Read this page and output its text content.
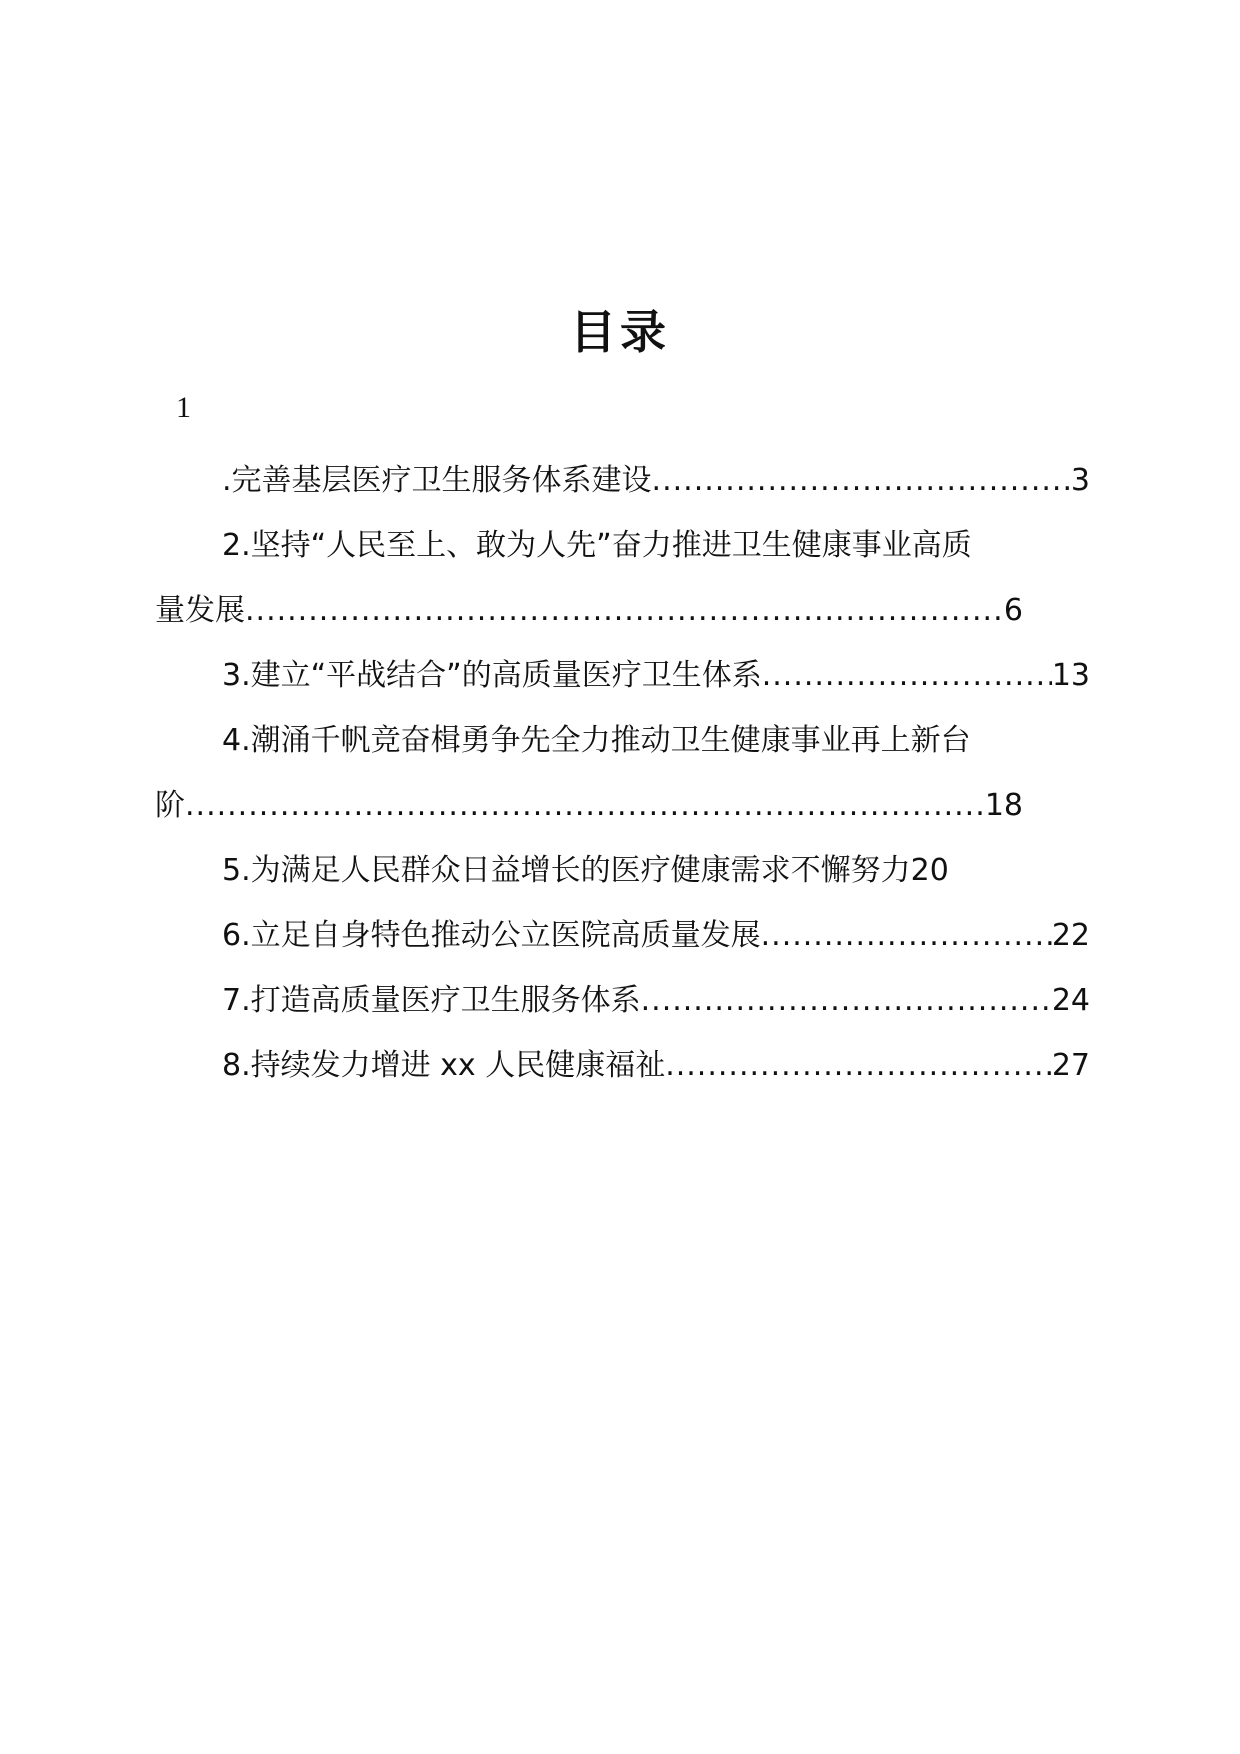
目录
1
.完善基层医疗卫生服务体系建设 .....	3
2.坚持“人民至上、敢为人先”奋力推进卫生健康事业高质
量发展 .....	6
3.建立“平战结合”的高质量医疗卫生体系 .....	13
4.潮涌千帆竞奋楫勇争先全力推动卫生健康事业再上新台
阶 .....	18
5.为满足人民群众日益增长的医疗健康需求不懈努力 20
6.立足自身特色推动公立医院高质量发展 .....	22
7.打造高质量医疗卫生服务体系 .....	24
8.持续发力增进 xx 人民健康福祉 .....	27
